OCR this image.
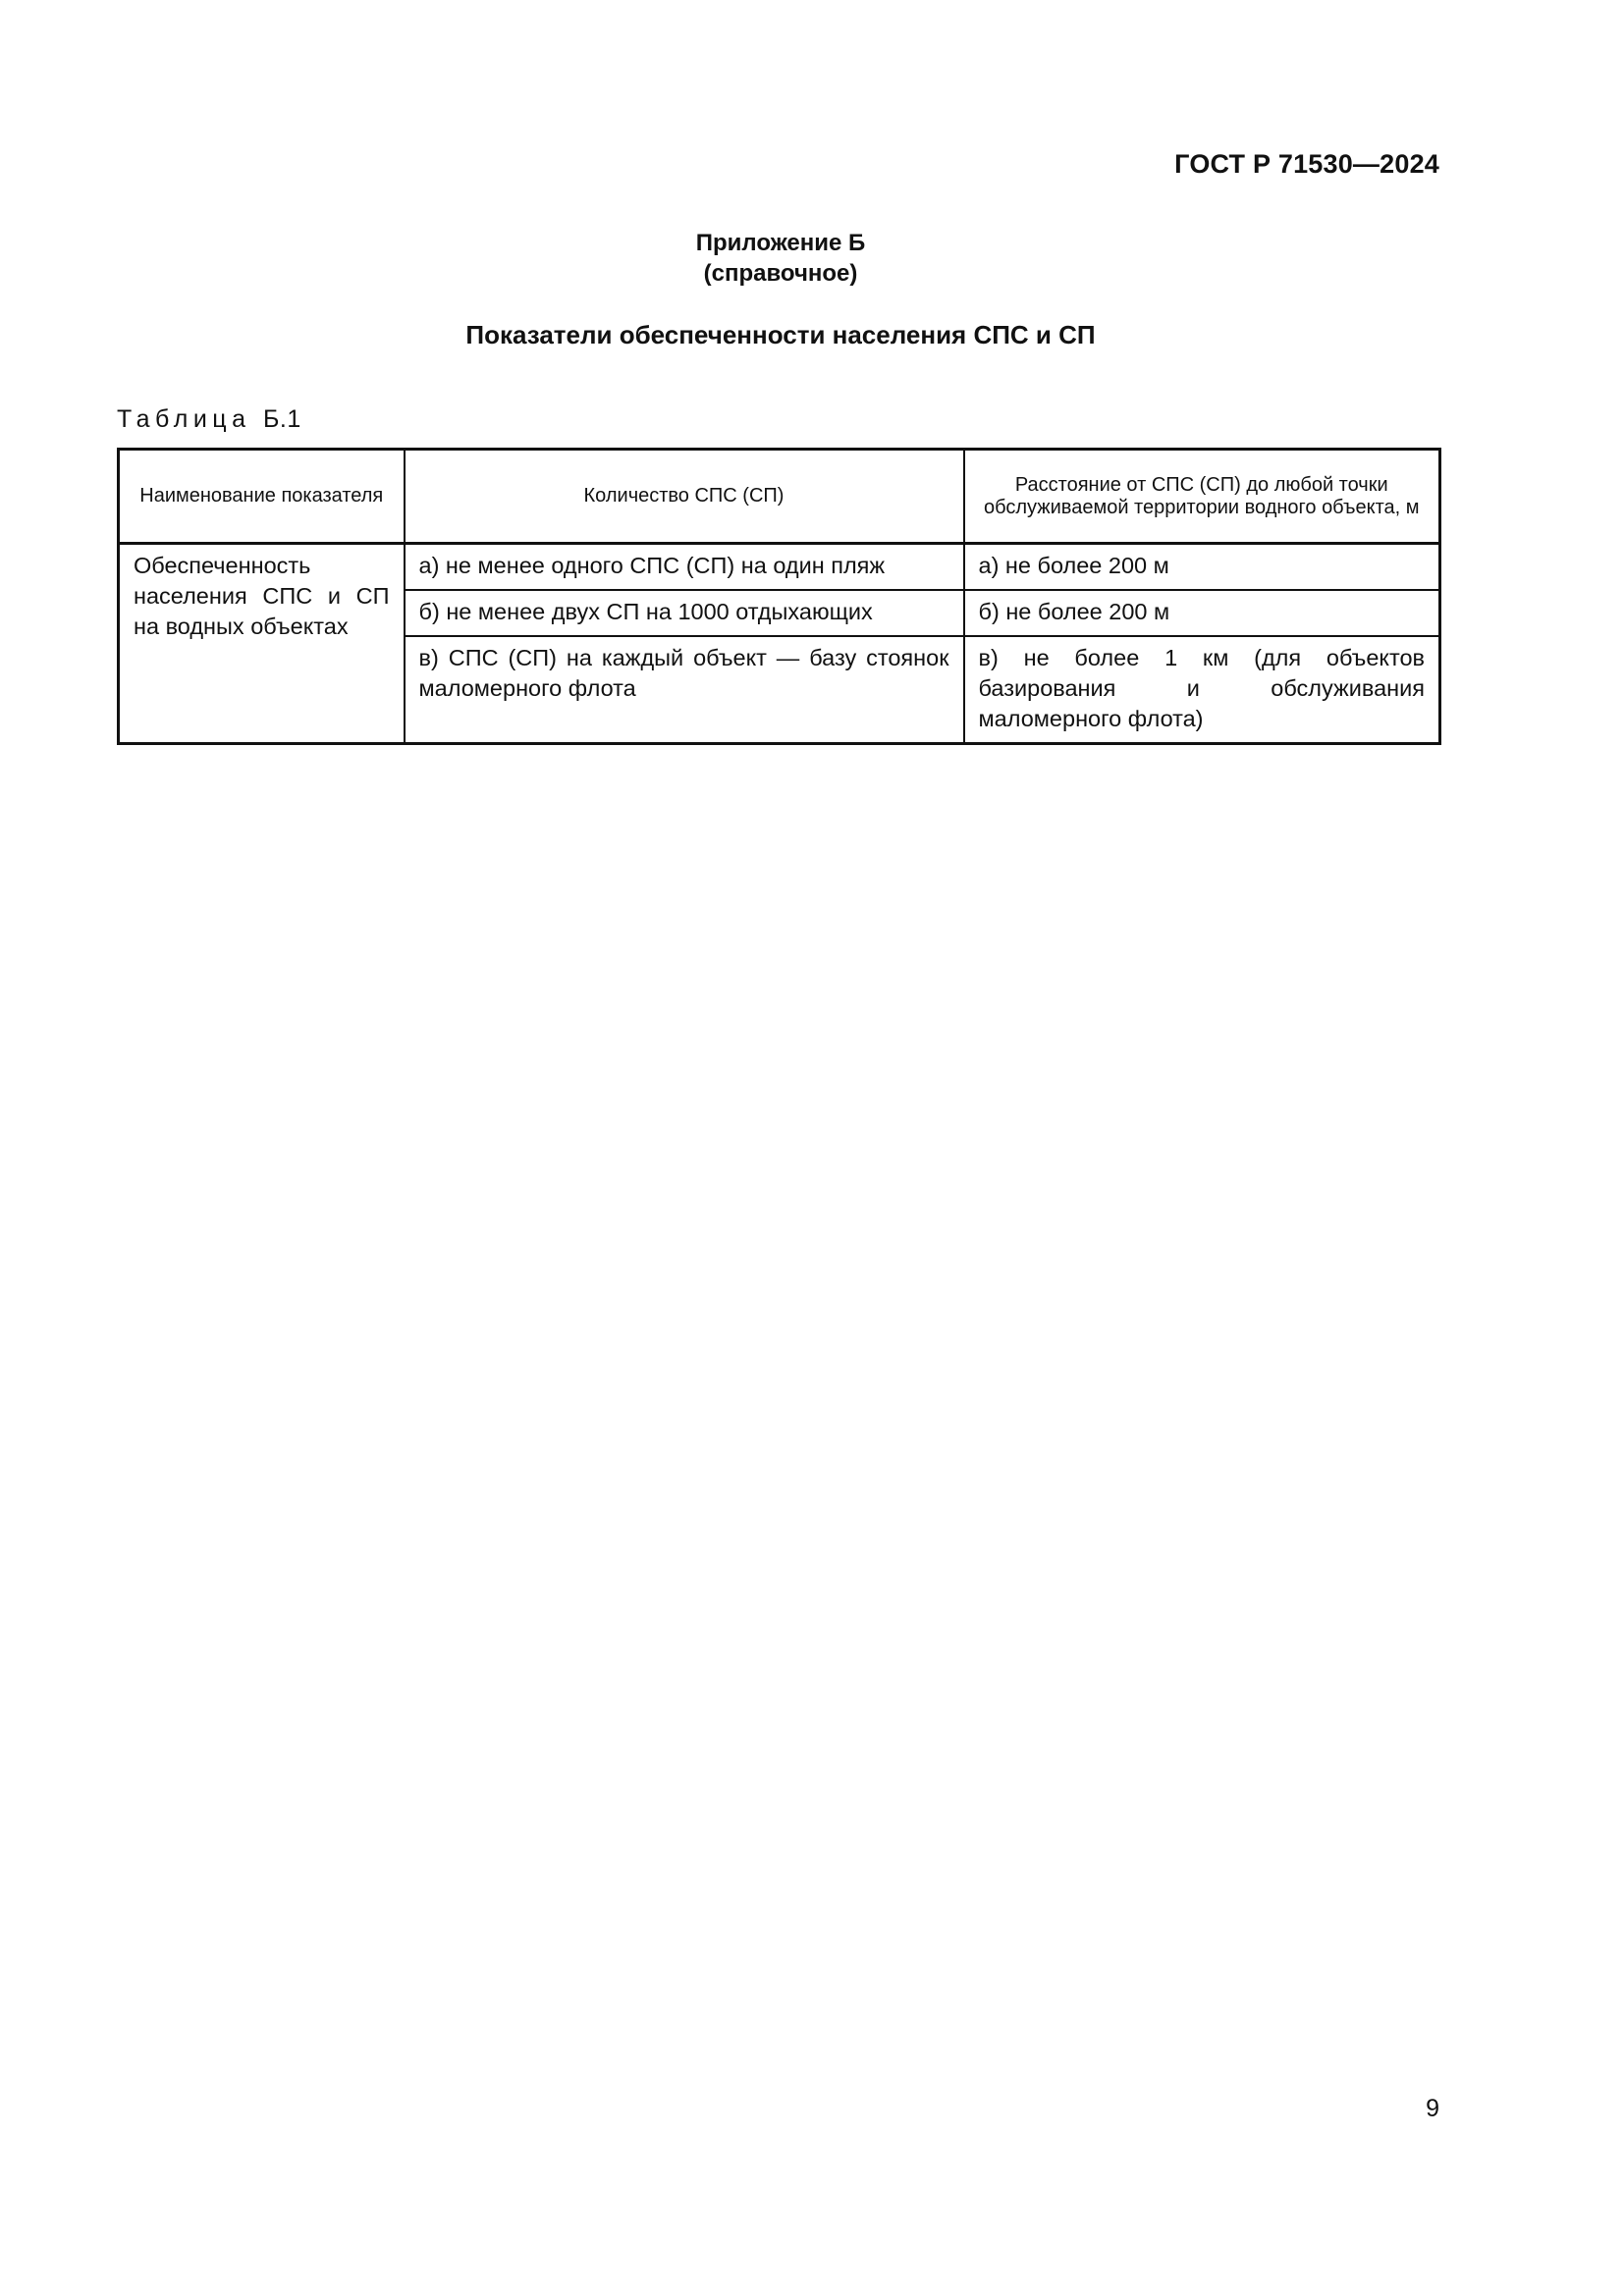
ГОСТ Р 71530—2024
Приложение Б
(справочное)
Показатели обеспеченности населения СПС и СП
Таблица Б.1
Наименование показателя	Количество СПС (СП)	Расстояние от СПС (СП) до любой точки обслуживаемой территории водного объекта, м
Обеспеченность населения СПС и СП на водных объектах	а) не менее одного СПС (СП) на один пляж	а) не более 200 м
	б) не менее двух СП на 1000 отдыхающих	б) не более 200 м
	в) СПС (СП) на каждый объект — базу стоянок маломерного флота	в) не более 1 км (для объектов базирования и обслуживания маломерного флота)
9
